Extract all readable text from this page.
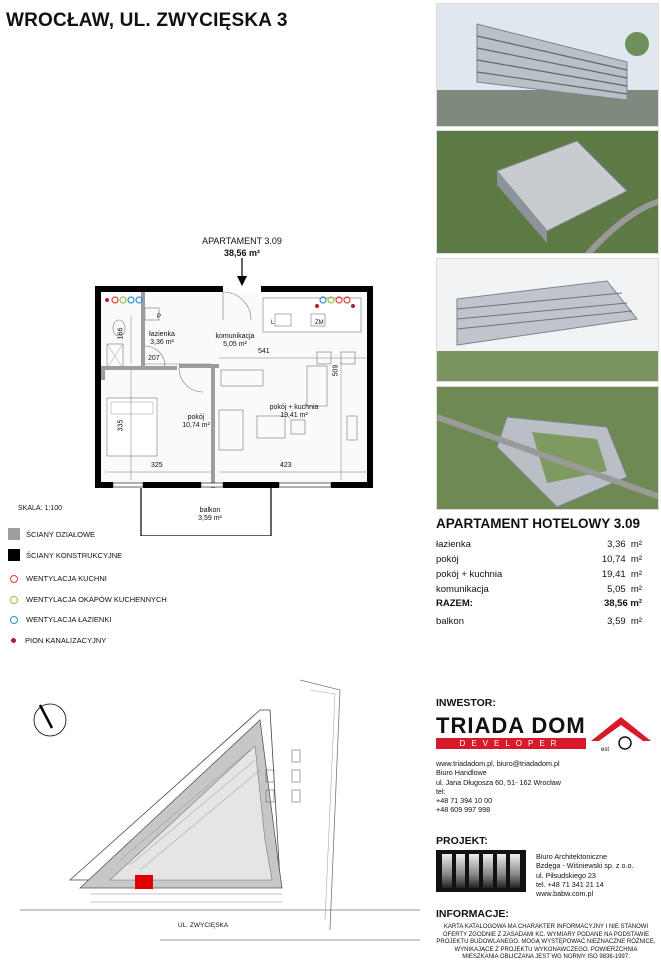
WROCŁAW, UL. ZWYCIĘSKA 3
APARTAMENT 3.09
38,56 m²
łazienka
3,36 m²
komunikacja
5,05 m²
pokój
10,74 m²
pokój + kuchnia
19,41 m²
balkon
3,59 m²
166
207
541
509
335
325	423
P
L	ZM
SKALA: 1:100
ŚCIANY DZIAŁOWE
ŚCIANY KONSTRUKCYJNE
WENTYLACJA KUCHNI
WENTYLACJA OKAPÓW KUCHENNYCH
WENTYLACJA ŁAZIENKI
PION KANALIZACYJNY
UL. ZWYCIĘSKA
APARTAMENT HOTELOWY 3.09
łazienka	3,36 m²
pokój	10,74 m²
pokój + kuchnia	19,41 m²
komunikacja	5,05 m²
RAZEM:	38,56 m²
balkon	3,59 m²
INWESTOR:
TRIADA DOM
DEVELOPER
est
www.triadadom.pl, biuro@triadadom.pl
Biuro Handlowe
ul. Jana Długosza 60, 51- 162 Wrocław
tel:
+48 71 394 10 00
+48 609 997 998
PROJEKT:
Biuro Architektoniczne
Bzdęga - Wiśniewski sp. z o.o.
ul. Piłsudskiego 23
tel. +48 71 341 21 14
www.babw.com.pl
INFORMACJE:
KARTA KATALOGOWA MA CHARAKTER INFORMACYJNY I NIE STANOWI OFERTY ZGODNIE Z ZASADAMI KC. WYMIARY PODANE NA PODSTAWIE PROJEKTU BUDOWLANEGO. MOGĄ WYSTĘPOWAĆ NIEZNACZNE RÓŻNICE, WYNIKAJĄCE Z PROJEKTU WYKONAWCZEGO. POWIERZCHNIA MIESZKANIA OBLICZANA JEST WG NORMY ISO 9836-1997.
